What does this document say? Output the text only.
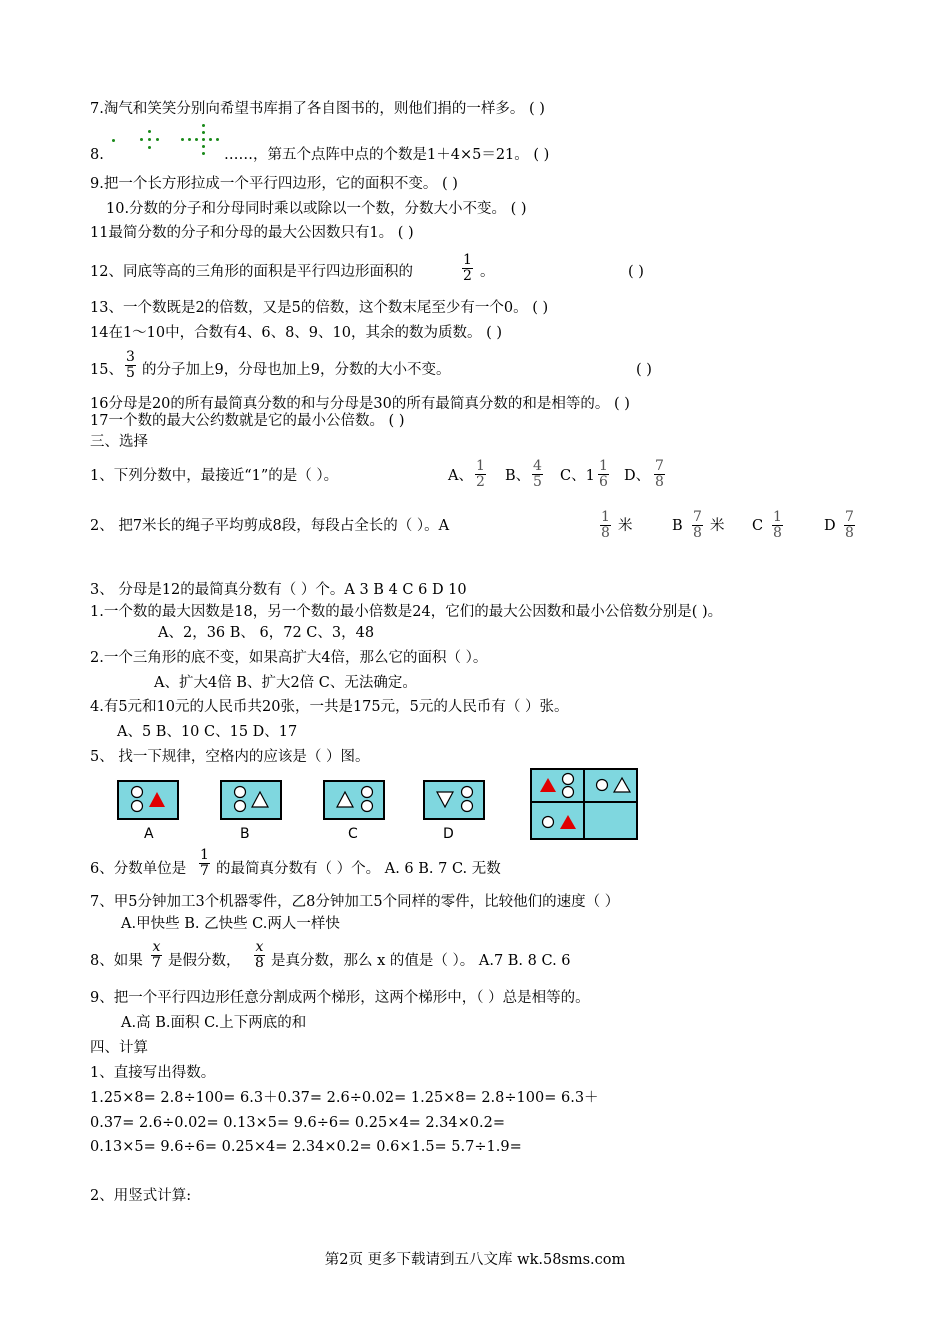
7.淘气和笑笑分别向希望书库捐了各自图书的，则他们捐的一样多。 ( )
8.	……，第五个点阵中点的个数是1＋4×5＝21。 ( )
9.把一个长方形拉成一个平行四边形，它的面积不变。 ( )
10.分数的分子和分母同时乘以或除以一个数，分数大小不变。 ( )
11最简分数的分子和分母的最大公因数只有1。 ( )
12、同底等高的三角形的面积是平行四边形面积的
1
2 。	( )
13、一个数既是2的倍数，又是5的倍数，这个数末尾至少有一个0。 ( )
14在1～10中，合数有4、6、8、9、10，其余的数为质数。 ( )
15、
3
5 的分子加上9，分母也加上9，分数的大小不变。	( )
16分母是20的所有最简真分数的和与分母是30的所有最简真分数的和是相等的。 ( )
17一个数的最大公约数就是它的最小公倍数。 ( )
三、选择
1、下列分数中，最接近“1”的是（ ）。	A、
1
2 B、
4
5 C、1
1
6 D、
7
8
2、 把7米长的绳子平均剪成8段，每段占全长的（ ）。A
1
8 米	B
7
8 米 C
1
8	D
7
8
3、 分母是12的最简真分数有（ ）个。A 3 B 4 C 6 D 10
1.一个数的最大因数是18，另一个数的最小倍数是24，它们的最大公因数和最小公倍数分别是( )。
A、2，36 B、 6，72 C、3，48
2.一个三角形的底不变，如果高扩大4倍，那么它的面积（ ）。
A、扩大4倍 B、扩大2倍 C、无法确定。
4.有5元和10元的人民币共20张，一共是175元，5元的人民币有（ ）张。
A、5 B、10 C、15 D、17
5、 找一下规律，空格内的应该是（ ）图。
A	B	C	D
6、分数单位是
1
7 的最简真分数有（ ）个。 A. 6 B. 7 C. 无数
7、甲5分钟加工3个机器零件，乙8分钟加工5个同样的零件，比较他们的速度（ ）
A.甲快些 B. 乙快些 C.两人一样快
8、如果
x
7 是假分数，
x
8 是真分数，那么 x 的值是（ ）。 A.7 B. 8 C. 6
9、把一个平行四边形任意分割成两个梯形，这两个梯形中，（ ）总是相等的。
A.高 B.面积 C.上下两底的和
四、计算
1、直接写出得数。
1.25×8= 2.8÷100= 6.3＋0.37= 2.6÷0.02= 1.25×8= 2.8÷100= 6.3＋
0.37= 2.6÷0.02= 0.13×5= 9.6÷6= 0.25×4= 2.34×0.2=
0.13×5= 9.6÷6= 0.25×4= 2.34×0.2= 0.6×1.5= 5.7÷1.9=
2、用竖式计算:
第2页 更多下载请到五八文库 wk.58sms.com
